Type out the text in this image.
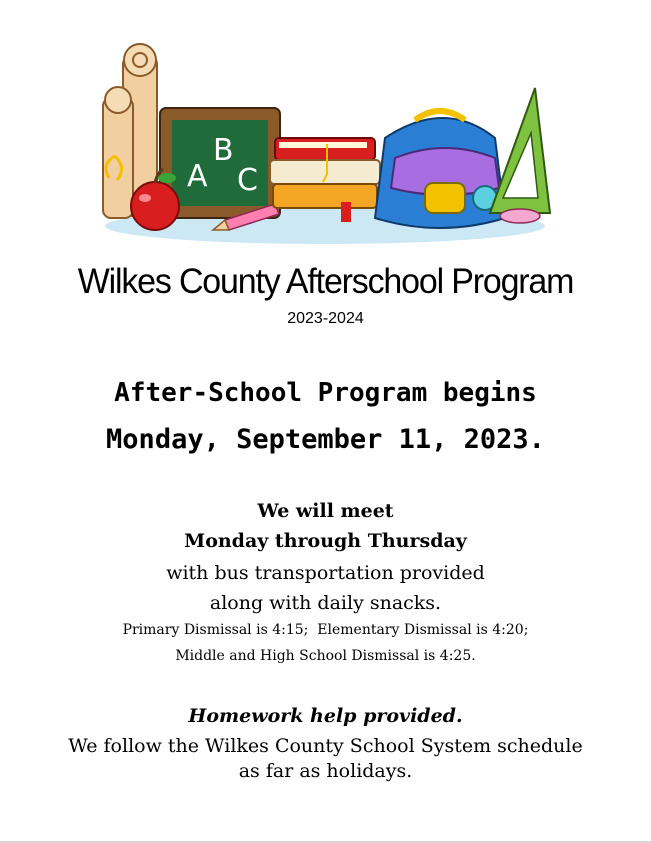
A
B
C
Wilkes County Afterschool Program
2023-2024
After-School Program begins
Monday, September 11, 2023.
We will meet
Monday through Thursday
with bus transportation provided
along with daily snacks.
Primary Dismissal is 4:15;  Elementary Dismissal is 4:20;
Middle and High School Dismissal is 4:25.
Homework help provided.
We follow the Wilkes County School System schedule
as far as holidays.
